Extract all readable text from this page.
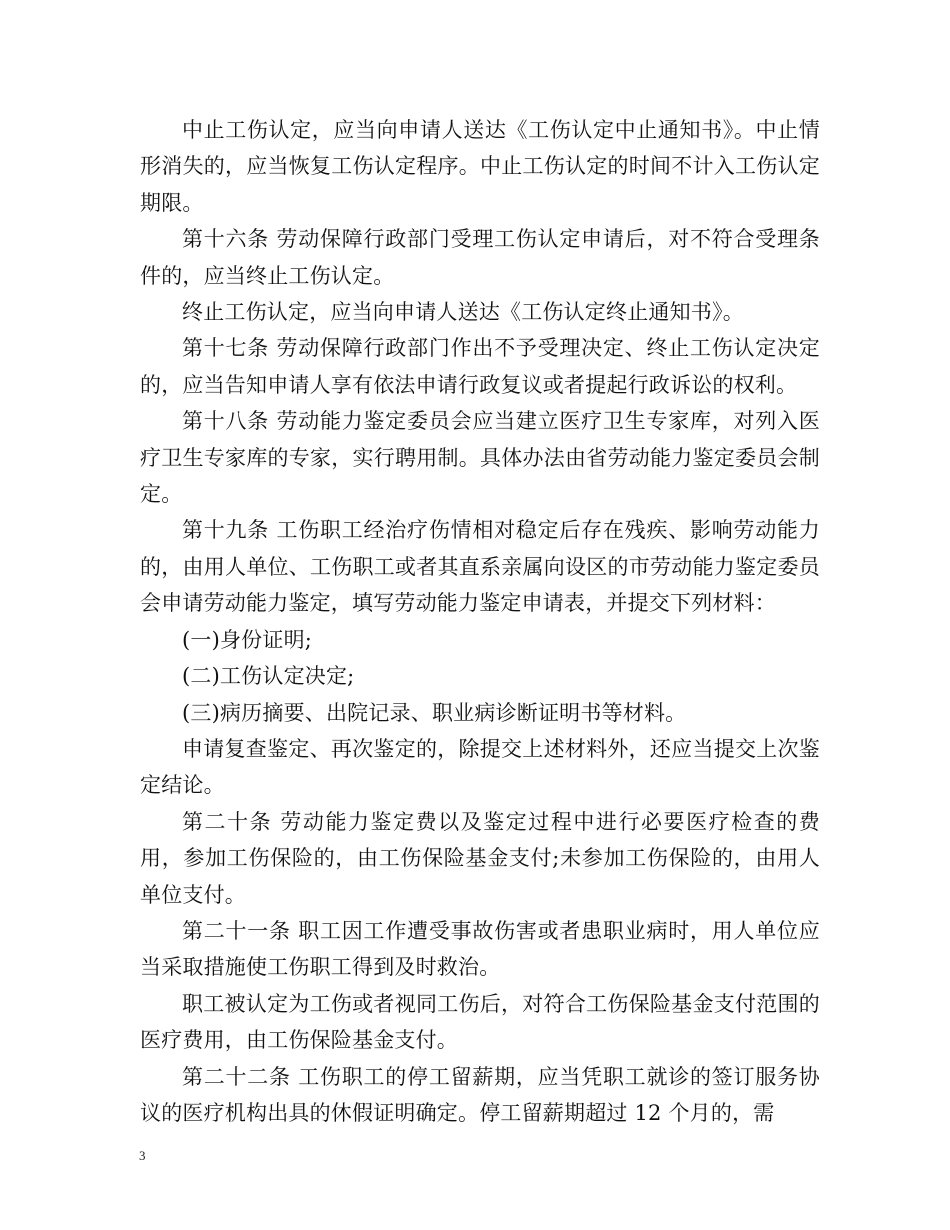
中止工伤认定，应当向申请人送达《工伤认定中止通知书》。中止情形消失的，应当恢复工伤认定程序。中止工伤认定的时间不计入工伤认定期限。

第十六条 劳动保障行政部门受理工伤认定申请后，对不符合受理条件的，应当终止工伤认定。

终止工伤认定，应当向申请人送达《工伤认定终止通知书》。

第十七条 劳动保障行政部门作出不予受理决定、终止工伤认定决定的，应当告知申请人享有依法申请行政复议或者提起行政诉讼的权利。

第十八条 劳动能力鉴定委员会应当建立医疗卫生专家库，对列入医疗卫生专家库的专家，实行聘用制。具体办法由省劳动能力鉴定委员会制定。

第十九条 工伤职工经治疗伤情相对稳定后存在残疾、影响劳动能力的，由用人单位、工伤职工或者其直系亲属向设区的市劳动能力鉴定委员会申请劳动能力鉴定，填写劳动能力鉴定申请表，并提交下列材料：

(一)身份证明;

(二)工伤认定决定;

(三)病历摘要、出院记录、职业病诊断证明书等材料。

申请复查鉴定、再次鉴定的，除提交上述材料外，还应当提交上次鉴定结论。

第二十条 劳动能力鉴定费以及鉴定过程中进行必要医疗检查的费用，参加工伤保险的，由工伤保险基金支付;未参加工伤保险的，由用人单位支付。

第二十一条 职工因工作遭受事故伤害或者患职业病时，用人单位应当采取措施使工伤职工得到及时救治。

职工被认定为工伤或者视同工伤后，对符合工伤保险基金支付范围的医疗费用，由工伤保险基金支付。

第二十二条 工伤职工的停工留薪期，应当凭职工就诊的签订服务协议的医疗机构出具的休假证明确定。停工留薪期超过 12 个月的，需

3
